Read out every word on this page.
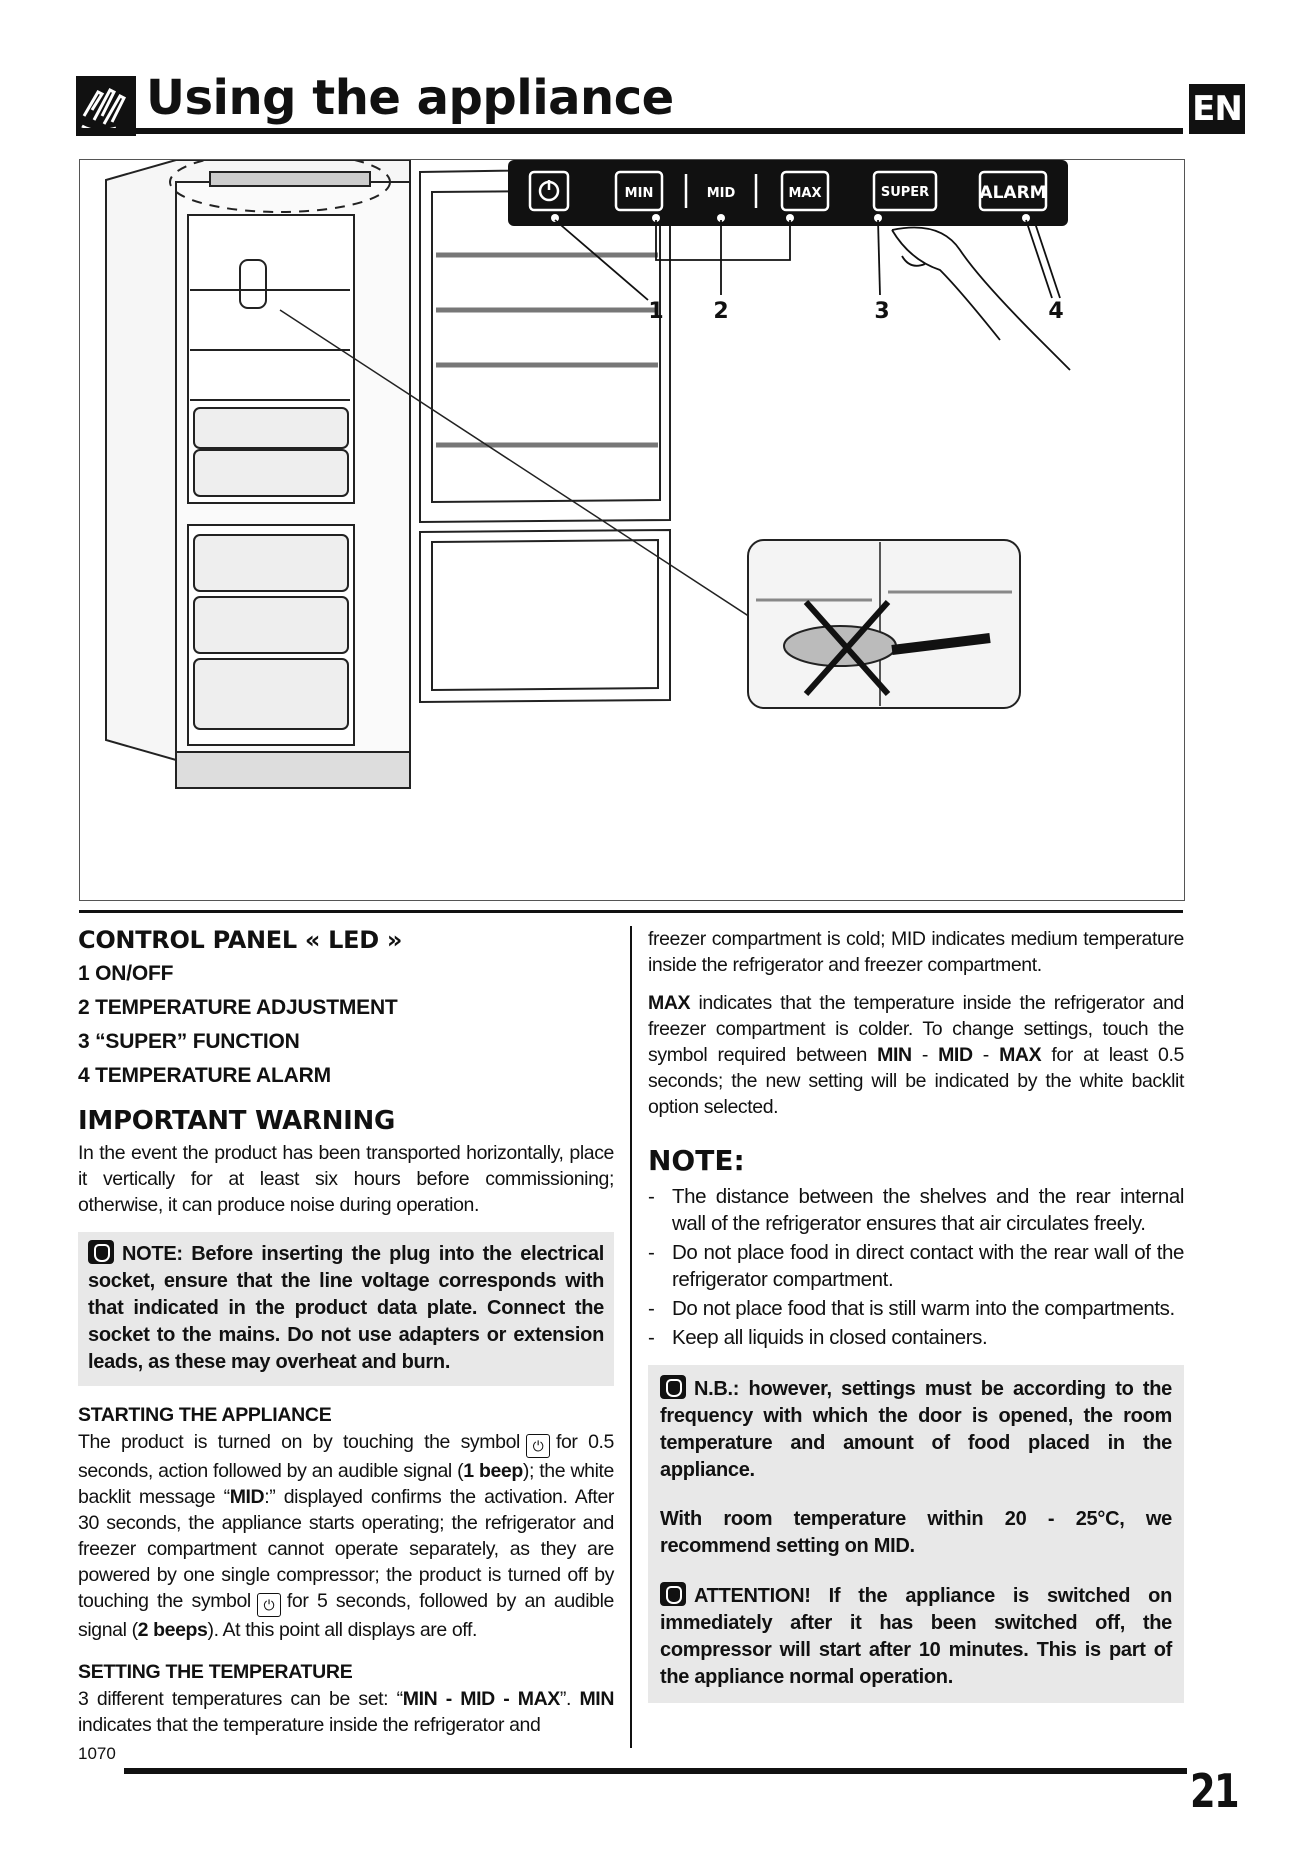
Using the appliance	EN
MIN	MID	MAX	SUPER	ALARM
1 2	3	4
CONTROL PANEL « LED »
1 ON/OFF
2 TEMPERATURE ADJUSTMENT
3 “SUPER” FUNCTION
4 TEMPERATURE ALARM
IMPORTANT WARNING

In the event the product has been transported horizontally, place it vertically for at least six hours before commissioning; otherwise, it can produce noise during operation.

NOTE: Before inserting the plug into the electrical socket, ensure that the line voltage corresponds with that indicated in the product data plate. Connect the socket to the mains. Do not use adapters or extension leads, as these may overheat and burn.

STARTING THE APPLIANCE

The product is turned on by touching the symbol ⏻ for 0.5 seconds, action followed by an audible signal (1 beep); the white backlit message “MID:” displayed confirms the activation. After 30 seconds, the appliance starts operating; the refrigerator and freezer compartment cannot operate separately, as they are powered by one single compressor; the product is turned off by touching the symbol ⏻ for 5 seconds, followed by an audible signal (2 beeps). At this point all displays are off.

SETTING THE TEMPERATURE

3 different temperatures can be set: “MIN - MID - MAX”. MIN indicates that the temperature inside the refrigerator and

freezer compartment is cold; MID indicates medium temperature inside the refrigerator and freezer compartment.

MAX indicates that the temperature inside the refrigerator and freezer compartment is colder. To change settings, touch the symbol required between MIN - MID - MAX for at least 0.5 seconds; the new setting will be indicated by the white backlit option selected.

NOTE:
- The distance between the shelves and the rear internal wall of the refrigerator ensures that air circulates freely.
- Do not place food in direct contact with the rear wall of the refrigerator compartment.
- Do not place food that is still warm into the compartments.
- Keep all liquids in closed containers.

N.B.: however, settings must be according to the frequency with which the door is opened, the room temperature and amount of food placed in the appliance.

With room temperature within 20 - 25°C, we recommend setting on MID.

ATTENTION! If the appliance is switched on immediately after it has been switched off, the compressor will start after 10 minutes. This is part of the appliance normal operation.

1070
21
